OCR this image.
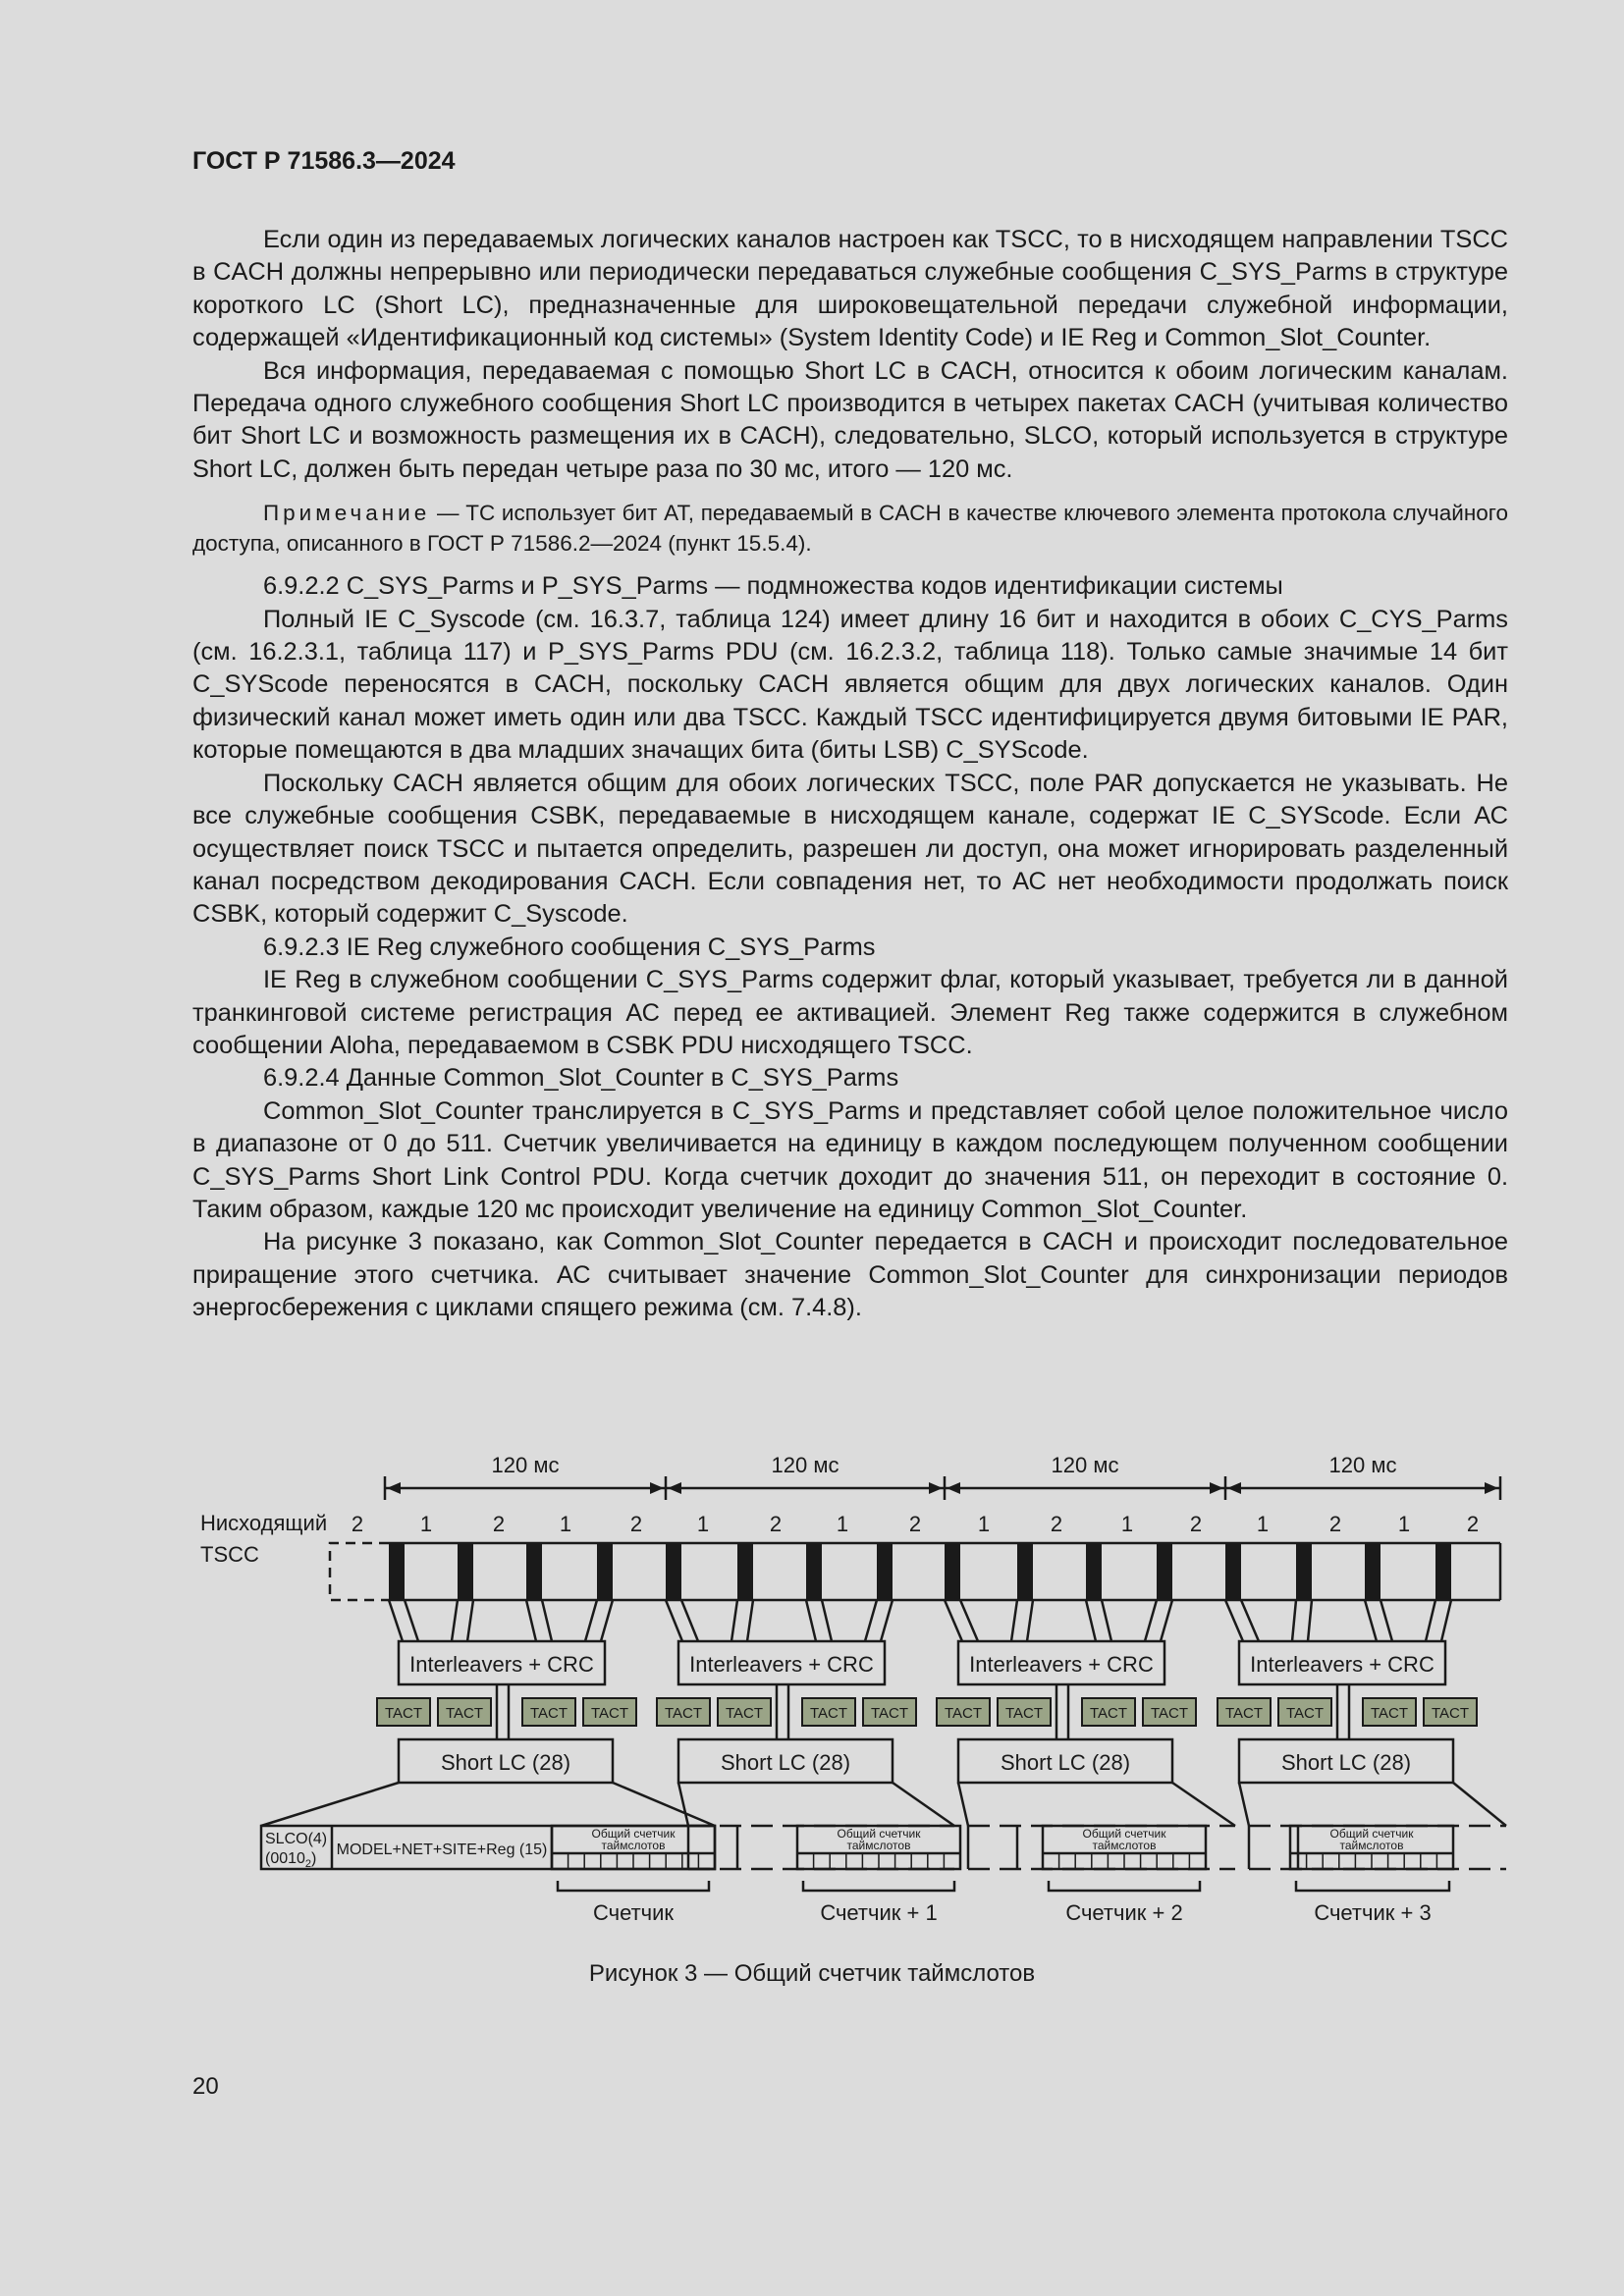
ГОСТ Р 71586.3—2024

Если один из передаваемых логических каналов настроен как TSCC, то в нисходящем направлении TSCC в CACH должны непрерывно или периодически передаваться служебные сообщения C_SYS_Parms в структуре короткого LC (Short LC), предназначенные для широковещательной передачи служебной информации, содержащей «Идентификационный код системы» (System Identity Code) и IE Reg и Common_Slot_Counter.

Вся информация, передаваемая с помощью Short LC в CACH, относится к обоим логическим каналам. Передача одного служебного сообщения Short LC производится в четырех пакетах CACH (учитывая количество бит Short LC и возможность размещения их в CACH), следовательно, SLCO, который используется в структуре Short LC, должен быть передан четыре раза по 30 мс, итого — 120 мс.

Примечание — TC использует бит AT, передаваемый в CACH в качестве ключевого элемента протокола случайного доступа, описанного в ГОСТ Р 71586.2—2024 (пункт 15.5.4).

6.9.2.2 C_SYS_Parms и P_SYS_Parms — подмножества кодов идентификации системы

Полный IE C_Syscode (см. 16.3.7, таблица 124) имеет длину 16 бит и находится в обоих C_CYS_Parms (см. 16.2.3.1, таблица 117) и P_SYS_Parms PDU (см. 16.2.3.2, таблица 118). Только самые значимые 14 бит C_SYScode переносятся в CACH, поскольку CACH является общим для двух логических каналов. Один физический канал может иметь один или два TSCC. Каждый TSCC идентифицируется двумя битовыми IE PAR, которые помещаются в два младших значащих бита (биты LSB) C_SYScode.

Поскольку CACH является общим для обоих логических TSCC, поле PAR допускается не указывать. Не все служебные сообщения CSBK, передаваемые в нисходящем канале, содержат IE C_SYScode. Если АС осуществляет поиск TSCC и пытается определить, разрешен ли доступ, она может игнорировать разделенный канал посредством декодирования CACH. Если совпадения нет, то АС нет необходимости продолжать поиск CSBK, который содержит C_Syscode.

6.9.2.3 IE Reg служебного сообщения C_SYS_Parms

IE Reg в служебном сообщении C_SYS_Parms содержит флаг, который указывает, требуется ли в данной транкинговой системе регистрация АС перед ее активацией. Элемент Reg также содержится в служебном сообщении Aloha, передаваемом в CSBK PDU нисходящего TSCC.

6.9.2.4 Данные Common_Slot_Counter в C_SYS_Parms

Common_Slot_Counter транслируется в C_SYS_Parms и представляет собой целое положительное число в диапазоне от 0 до 511. Счетчик увеличивается на единицу в каждом последующем полученном сообщении C_SYS_Parms Short Link Control PDU. Когда счетчик доходит до значения 511, он переходит в состояние 0. Таким образом, каждые 120 мс происходит увеличение на единицу Common_Slot_Counter.

На рисунке 3 показано, как Common_Slot_Counter передается в CACH и происходит последовательное приращение этого счетчика. АС считывает значение Common_Slot_Counter для синхронизации периодов энергосбережения с циклами спящего режима (см. 7.4.8).

120 мс	120 мс	120 мс	120 мс
Нисходящий
TSCC
2	1	2	1	2	1	2	1	2	1	2	1	2	1	2	1	2
Interleavers + CRC
TACT TACT	TACT TACT
Short LC (28)
Interleavers + CRC
TACT TACT	TACT TACT
Short LC (28)
Interleavers + CRC
TACT TACT	TACT TACT
Short LC (28)
Interleavers + CRC
TACT TACT	TACT TACT
Short LC (28)
SLCO(4)
$(0010_2)$
MODEL+NET+SITE+Reg (15)
Общий счетчик
таймслотов
Общий счетчик
таймслотов
Общий счетчик
таймслотов
Общий счетчик
таймслотов
Счетчик	Счетчик + 1	Счетчик + 2	Счетчик + 3
Рисунок 3 — Общий счетчик таймслотов
20
